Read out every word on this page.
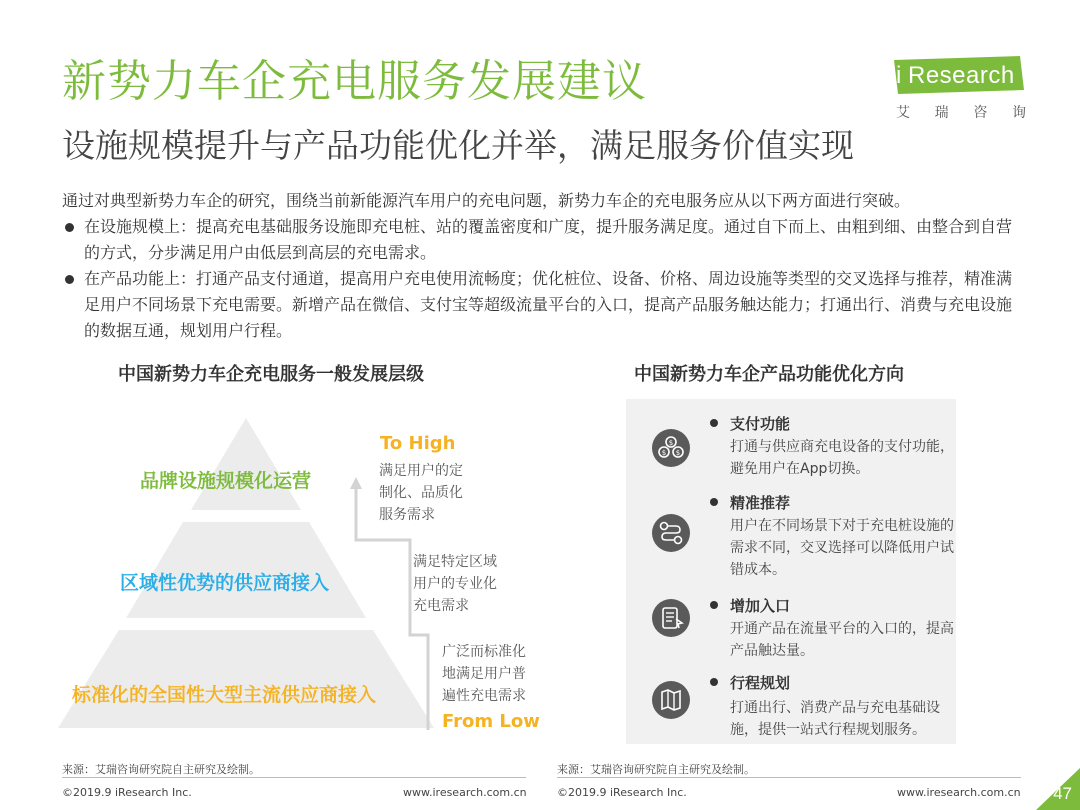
新势力车企充电服务发展建议
设施规模提升与产品功能优化并举，满足服务价值实现
i Research
艾 瑞 咨 询

通过对典型新势力车企的研究，围绕当前新能源汽车用户的充电问题，新势力车企的充电服务应从以下两方面进行突破。

在设施规模上：提高充电基础服务设施即充电桩、站的覆盖密度和广度，提升服务满足度。通过自下而上、由粗到细、由整合到自营的方式，分步满足用户由低层到高层的充电需求。

在产品功能上：打通产品支付通道，提高用户充电使用流畅度；优化桩位、设备、价格、周边设施等类型的交叉选择与推荐，精准满足用户不同场景下充电需要。新增产品在微信、支付宝等超级流量平台的入口，提高产品服务触达能力；打通出行、消费与充电设施的数据互通，规划用户行程。

中国新势力车企充电服务一般发展层级	中国新势力车企产品功能优化方向
品牌设施规模化运营
区域性优势的供应商接入
标准化的全国性大型主流供应商接入
To High
From Low
满足用户的定
制化、品质化
服务需求
满足特定区域
用户的专业化
充电需求
广泛而标准化
地满足用户普
遍性充电需求
$
$ $
支付功能
打通与供应商充电设备的支付功能，避免用户在App切换。
精准推荐
用户在不同场景下对于充电桩设施的需求不同，交叉选择可以降低用户试错成本。
增加入口
开通产品在流量平台的入口的，提高产品触达量。
行程规划
打通出行、消费产品与充电基础设施，提供一站式行程规划服务。
来源：艾瑞咨询研究院自主研究及绘制。	来源：艾瑞咨询研究院自主研究及绘制。
©2019.9 iResearch Inc.	www.iresearch.com.cn	©2019.9 iResearch Inc.	www.iresearch.com.cn 47
